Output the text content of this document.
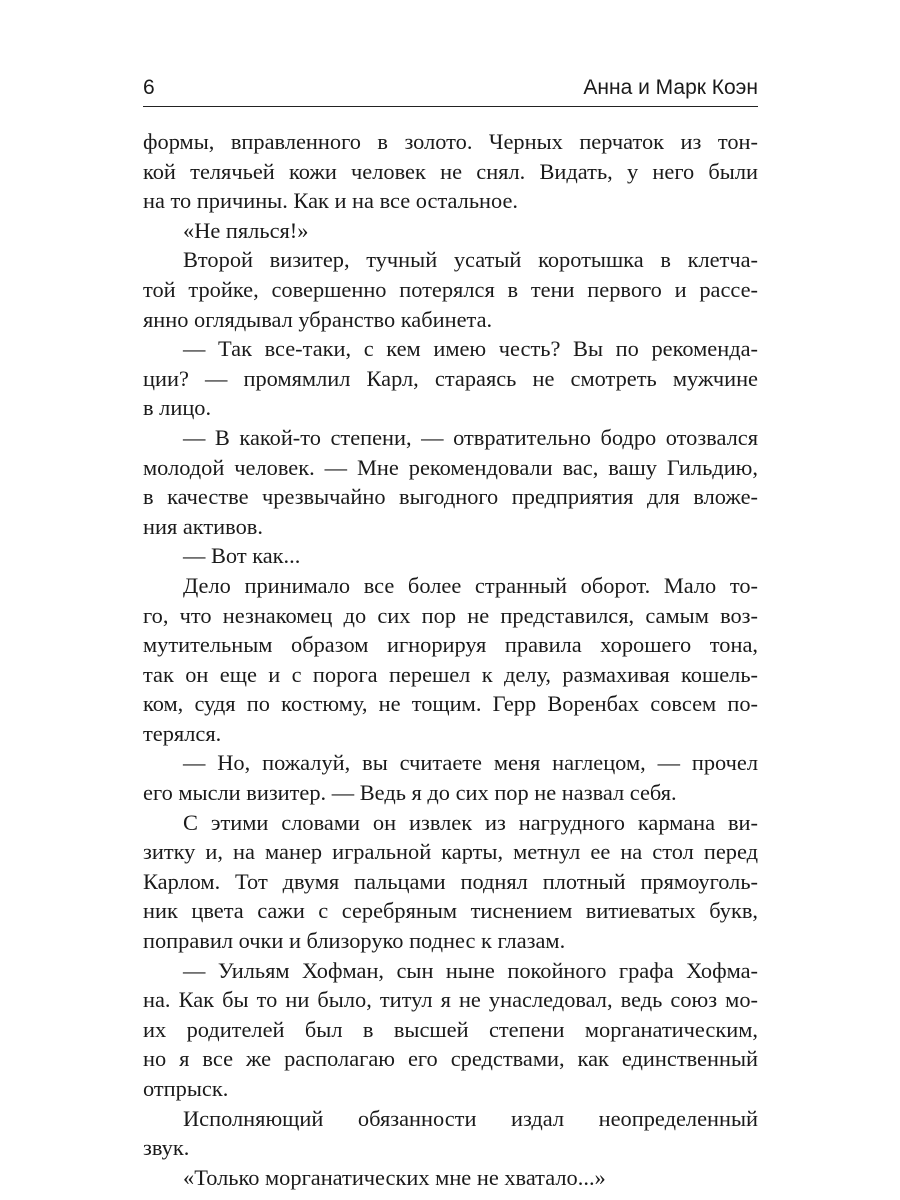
6	Анна и Марк Коэн
формы, вправленного в золото. Черных перчаток из тон-
кой телячьей кожи человек не снял. Видать, у него были
на то причины. Как и на все остальное.
«Не пялься!»
Второй визитер, тучный усатый коротышка в клетча-
той тройке, совершенно потерялся в тени первого и рассе-
янно оглядывал убранство кабинета.
— Так все-таки, с кем имею честь? Вы по рекоменда-
ции? — промямлил Карл, стараясь не смотреть мужчине
в лицо.
— В какой-то степени, — отвратительно бодро отозвался
молодой человек. — Мне рекомендовали вас, вашу Гильдию,
в качестве чрезвычайно выгодного предприятия для вложе-
ния активов.
— Вот как...
Дело принимало все более странный оборот. Мало то-
го, что незнакомец до сих пор не представился, самым воз-
мутительным образом игнорируя правила хорошего тона,
так он еще и с порога перешел к делу, размахивая кошель-
ком, судя по костюму, не тощим. Герр Воренбах совсем по-
терялся.
— Но, пожалуй, вы считаете меня наглецом, — прочел
его мысли визитер. — Ведь я до сих пор не назвал себя.
С этими словами он извлек из нагрудного кармана ви-
зитку и, на манер игральной карты, метнул ее на стол перед
Карлом. Тот двумя пальцами поднял плотный прямоуголь-
ник цвета сажи с серебряным тиснением витиеватых букв,
поправил очки и близоруко поднес к глазам.
— Уильям Хофман, сын ныне покойного графа Хофма-
на. Как бы то ни было, титул я не унаследовал, ведь союз мо-
их родителей был в высшей степени морганатическим,
но я все же располагаю его средствами, как единственный
отпрыск.
Исполняющий обязанности издал неопределенный
звук.
«Только морганатических мне не хватало...»
